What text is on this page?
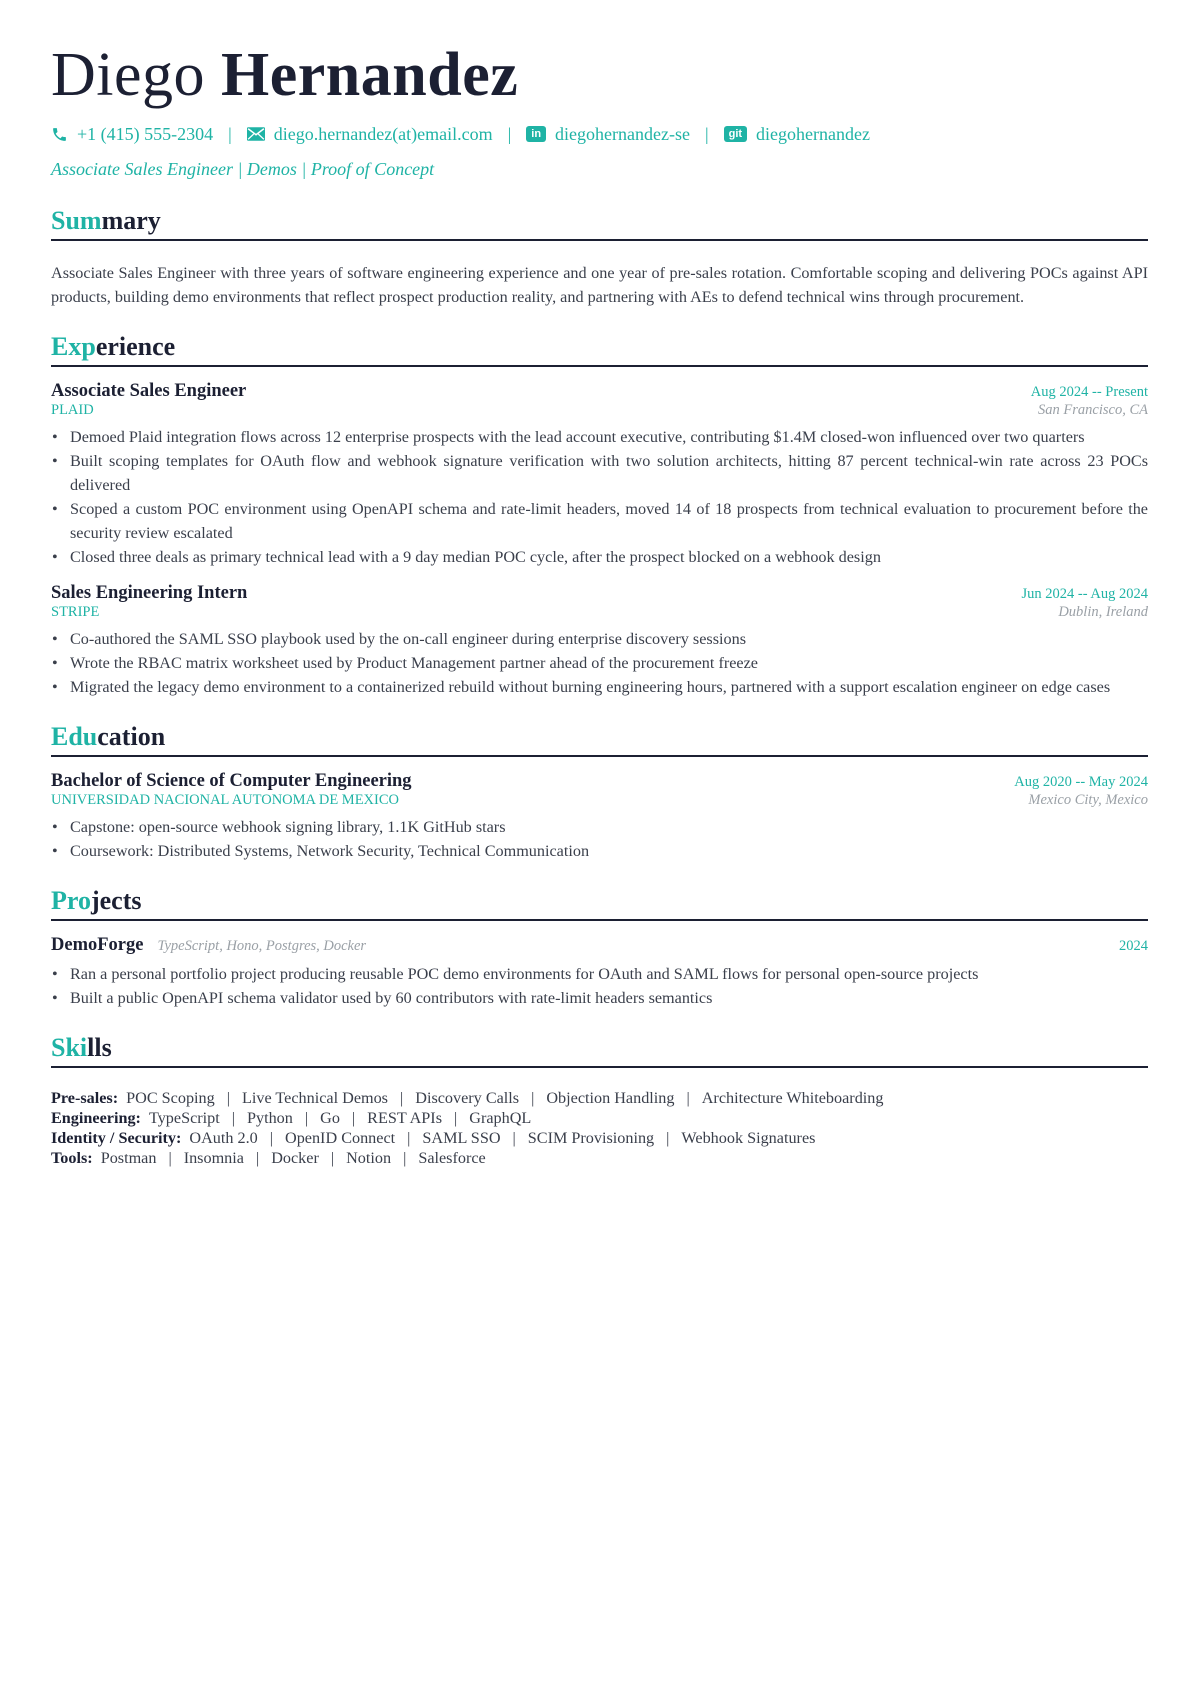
Diego Hernandez
+1 (415) 555-2304 | diego.hernandez(at)email.com |	in diegohernandez-se |	git diegohernandez
Associate Sales Engineer | Demos | Proof of Concept
Summary
Associate Sales Engineer with three years of software engineering experience and one year of pre-sales rotation. Comfortable scoping and delivering POCs against API products, building demo environments that reflect prospect production reality, and partnering with AEs to defend technical wins through procurement.
Experience
Associate Sales Engineer	Aug 2024 -- Present
PLAID	San Francisco, CA
• Demoed Plaid integration flows across 12 enterprise prospects with the lead account executive, contributing $1.4M closed-won influenced over two quarters
• Built scoping templates for OAuth flow and webhook signature verification with two solution architects, hitting 87 percent technical-win rate across 23 POCs delivered
• Scoped a custom POC environment using OpenAPI schema and rate-limit headers, moved 14 of 18 prospects from technical evaluation to procurement before the security review escalated
• Closed three deals as primary technical lead with a 9 day median POC cycle, after the prospect blocked on a webhook design
Sales Engineering Intern	Jun 2024 -- Aug 2024
STRIPE	Dublin, Ireland
• Co-authored the SAML SSO playbook used by the on-call engineer during enterprise discovery sessions
• Wrote the RBAC matrix worksheet used by Product Management partner ahead of the procurement freeze
• Migrated the legacy demo environment to a containerized rebuild without burning engineering hours, partnered with a support escalation engineer on edge cases
Education
Bachelor of Science of Computer Engineering	Aug 2020 -- May 2024
UNIVERSIDAD NACIONAL AUTONOMA DE MEXICO	Mexico City, Mexico
• Capstone: open-source webhook signing library, 1.1K GitHub stars
• Coursework: Distributed Systems, Network Security, Technical Communication
Projects
DemoForge TypeScript, Hono, Postgres, Docker	2024
• Ran a personal portfolio project producing reusable POC demo environments for OAuth and SAML flows for personal open-source projects
• Built a public OpenAPI schema validator used by 60 contributors with rate-limit headers semantics
Skills
Pre-sales: POC Scoping | Live Technical Demos | Discovery Calls | Objection Handling | Architecture Whiteboarding
Engineering: TypeScript | Python | Go | REST APIs | GraphQL
Identity / Security: OAuth 2.0 | OpenID Connect | SAML SSO | SCIM Provisioning | Webhook Signatures
Tools: Postman | Insomnia | Docker | Notion | Salesforce
